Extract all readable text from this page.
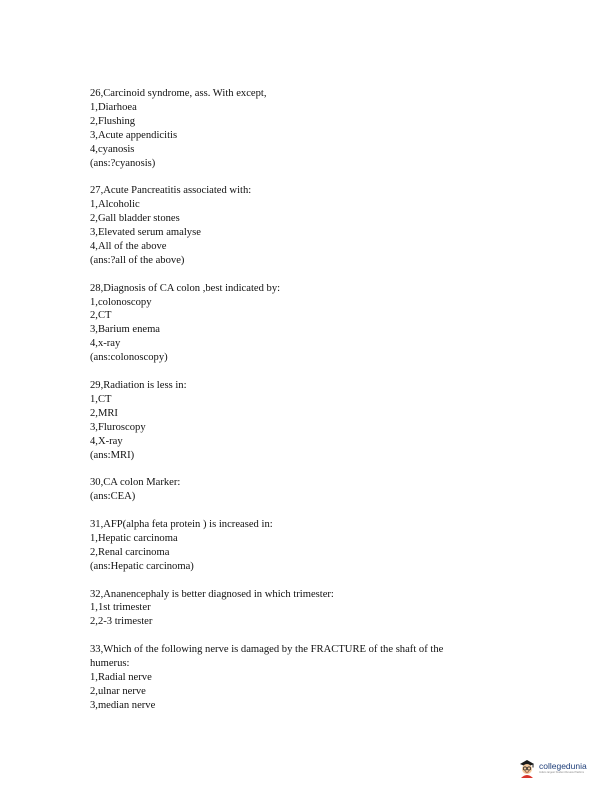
26,Carcinoid syndrome, ass. With except,
1,Diarhoea
2,Flushing
3,Acute appendicitis
4,cyanosis
(ans:?cyanosis)
27,Acute Pancreatitis associated with:
1,Alcoholic
2,Gall bladder stones
3,Elevated serum amalyse
4,All of the above
(ans:?all of the above)
28,Diagnosis of CA colon ,best indicated by:
1,colonoscopy
2,CT
3,Barium enema
4,x-ray
(ans:colonoscopy)
29,Radiation is less in:
1,CT
2,MRI
3,Fluroscopy
4,X-ray
(ans:MRI)
30,CA colon Marker:
(ans:CEA)
31,AFP(alpha feta protein ) is increased in:
1,Hepatic carcinoma
2,Renal carcinoma
(ans:Hepatic carcinoma)
32,Ananencephaly is better diagnosed in which trimester:
1,1st trimester
2,2-3 trimester
33,Which of the following nerve is damaged by the FRACTURE of the shaft of the
humerus:
1,Radial nerve
2,ulnar nerve
3,median nerve
collegedunia
India's largest Student Review Platform
